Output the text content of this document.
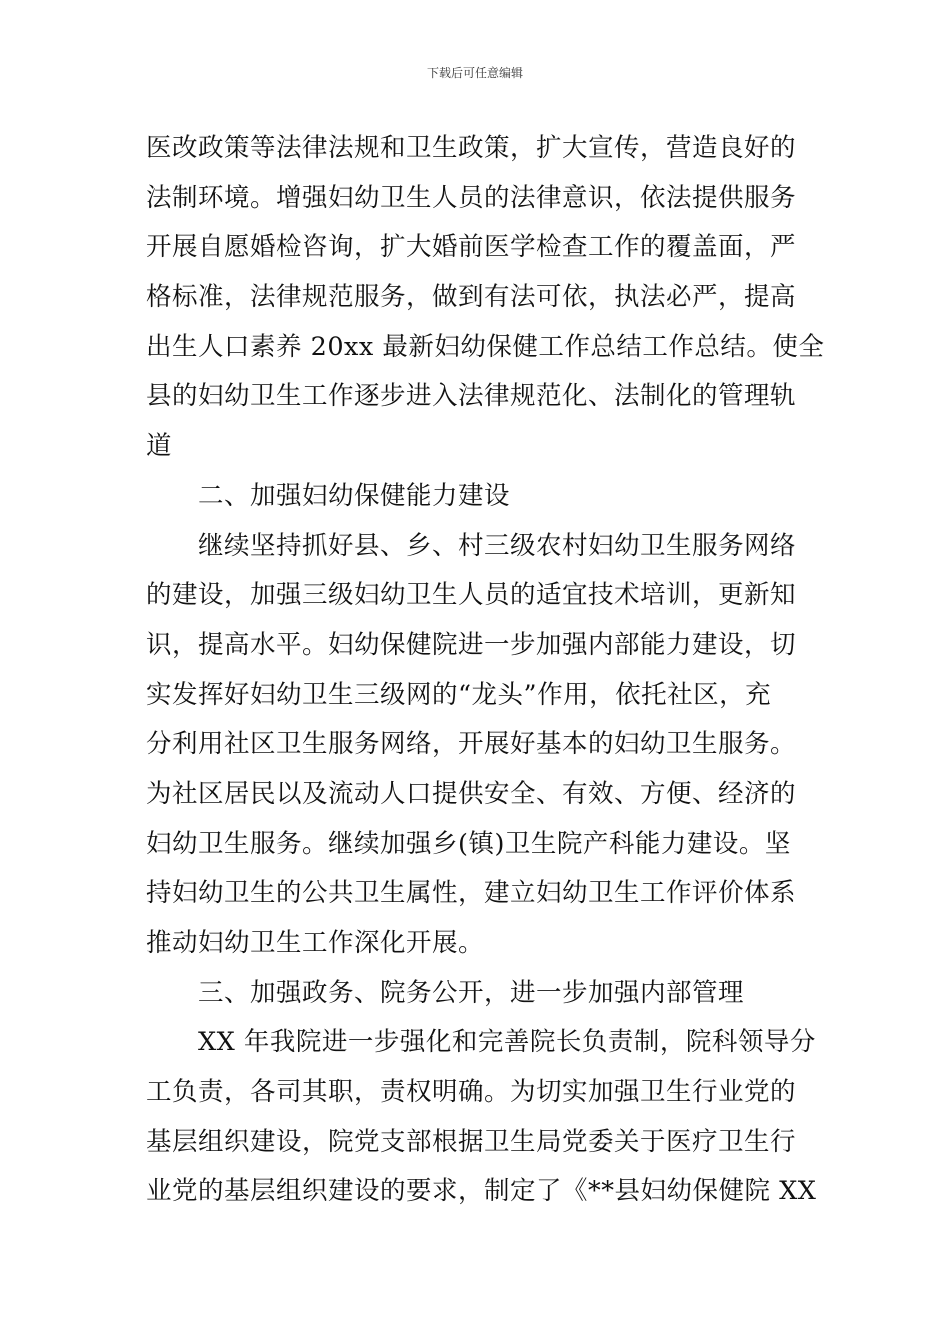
下载后可任意编辑
医改政策等法律法规和卫生政策，扩大宣传，营造良好的
法制环境。增强妇幼卫生人员的法律意识，依法提供服务
开展自愿婚检咨询，扩大婚前医学检查工作的覆盖面，严
格标准，法律规范服务，做到有法可依，执法必严，提高
出生人口素养 20xx 最新妇幼保健工作总结工作总结。使全
县的妇幼卫生工作逐步进入法律规范化、法制化的管理轨
道
二、加强妇幼保健能力建设
继续坚持抓好县、乡、村三级农村妇幼卫生服务网络
的建设，加强三级妇幼卫生人员的适宜技术培训，更新知
识，提高水平。妇幼保健院进一步加强内部能力建设，切
实发挥好妇幼卫生三级网的“龙头”作用，依托社区，充
分利用社区卫生服务网络，开展好基本的妇幼卫生服务。
为社区居民以及流动人口提供安全、有效、方便、经济的
妇幼卫生服务。继续加强乡(镇)卫生院产科能力建设。坚
持妇幼卫生的公共卫生属性，建立妇幼卫生工作评价体系
推动妇幼卫生工作深化开展。
三、加强政务、院务公开，进一步加强内部管理
XX 年我院进一步强化和完善院长负责制，院科领导分
工负责，各司其职，责权明确。为切实加强卫生行业党的
基层组织建设，院党支部根据卫生局党委关于医疗卫生行
业党的基层组织建设的要求，制定了《**县妇幼保健院 XX
